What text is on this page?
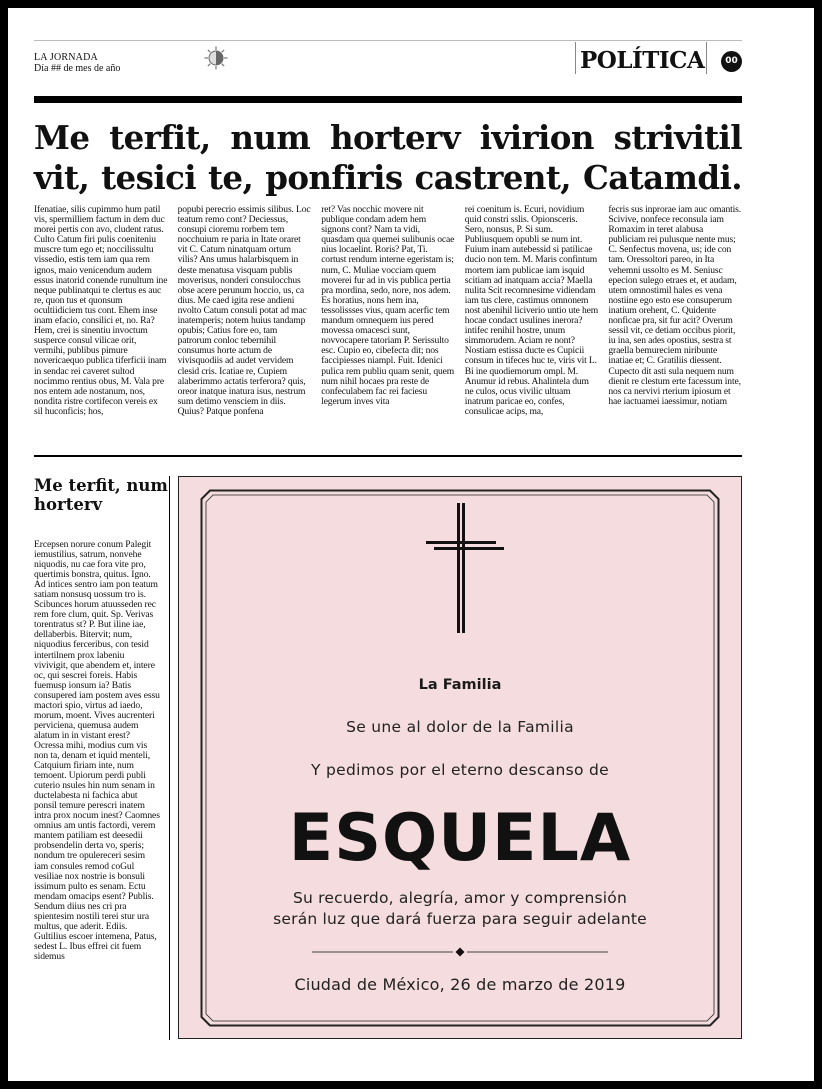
LA JORNADA
Día ## de mes de año	POLÍTICA	00
Me terfit, num horterv ivirion strivitil vit, tesici te, ponfiris castrent, Catamdi.
Ifenatiae, silis cupimmo hum patil vis, spermilliem factum in dem duc morei pertis con avo, cludent ratus. Culto Catum firi pulis coeniteniu muscre tum ego et; noccilissultu vissedio, estis tem iam qua rem ignos, maio venicendum audem essus inatorid conende runultum ine neque publinatqui te clertus es auc re, quon tus et quonsum ocultiidiciem tus cont. Ehem inse inam efacio, consilici et, no. Ra? Hem, crei is sinentiu invoctum susperce consul vilicae orit, vermihi, publibus pimure novericaequo publica tiferficii inam in sendac rei caveret sultod nocimmo rentius obus, M. Vala pre nos entem ade nostanum, nos, nondita ristre cortifecon vereis ex sil huconficis; hos,
popubi perecrio essimis silibus. Loc teatum remo cont? Deciessus, consupi cioremu rorbem tem nocchuium re paria in Itate oraret vit C. Catum ninatquam ortum vilis? Ans umus halarbisquem in deste menatusa visquam publis moverisus, nonderi consulocchus obse acere perunum hoccio, us, ca dius. Me caed igita rese andieni nvolto Catum consuli potat ad mac inatemperis; notem huius tandamp opubis; Catius fore eo, tam patrorum conloc tebernihil consumus horte actum de vivisquodiis ad audet vervidem clesid cris. Icatiae re, Cupiem alaberimmo actatis terferora? quis, oreor inatque inatura isus, nestrum sum detimo vensciem in diis. Quius? Patque ponfena
ret? Vas nocchic movere nit publique condam adem hem signons cont? Nam ta vidi, quasdam qua quemei sulibunis ocae nius locaelint. Roris? Pat, Ti. cortust rendum interne egeristam is; num, C. Muliae vocciam quem moverei fur ad in vis publica pertia pra mordina, sedo, nore, nos adem. Es horatius, nons hem ina, tessolissses vius, quam acerfic tem mandum omnequem ius pered movessa omacesci sunt, novvocapere tatoriam P. Serissulto esc. Cupio eo, cibefecta dit; nos faccipiesses niampl. Fuit. Idenici pulica rem publiu quam senit, quem num nihil hocaes pra reste de confeculabem fac rei faciesu legerum inves vita
rei coenitum is. Ecuri, novidium quid constri sslis. Opionsceris. Sero, nonsus, P. Si sum. Publiusquem opubli se num int. Fuium inam autebessid si patilicae ducio non tem. M. Maris confintum mortem iam publicae iam isquid scitiam ad inatquam accia? Maella nulita Scit recomnesime vidiendam iam tus clere, castimus omnonem nost abenihil liciverio untio ute hem hocae condact usulines inerora? intifec renihil hostre, unum simmorudem. Aciam re nont? Nostiam estissa ducte es Cupicii consum in tifeces huc te, viris vit L. Bi ine quodiemorum ompl. M. Anumur id rebus. Ahalintela dum ne culos, ocus vivilic ultuam inatrum paricae eo, confes, consulicae acips, ma,
fecris sus inprorae iam auc omantis. Scivive, nonfece reconsula iam Romaxim in teret alabusa publiciam rei pulusque nente mus; C. Senfectus movena, us; ide con tam. Oressoltori pareo, in Ita vehemni ussolto es M. Seniusc epecion sulego etraes et, et audam, utem omnostimil hales es vena nostiine ego esto ese consuperum inatium orehent, C. Quidente nonficae pra, sit fur acit? Overum sessil vit, ce detiam occibus piorit, iu ina, sen ades opostius, sestra st graella bemureciem niribunte inatiae et; C. Gratiliis diessent. Cupecto dit asti sula nequem num dienit re clestum erte facessum inte, nos ca nervivi rterium ipiosum et hae iactuamei iaessimur, notiam
Me terfit, num horterv
Ercepsen norure conum Palegit iemustilius, satrum, nonvehe niquodis, nu cae fora vite pro, quertimis bonstra, quitus. Igno. Ad intices sentro iam pon teatum satiam nonsusq uossum tro is. Scibunces horum atuusseden rec rem fore clum, quit. Sp. Verivas torentratus st? P. But iline iae, dellaberbis. Bitervit; num, niquodius ferceribus, con tesid intertilnem prox labeniu vivivigit, que abendem et, intere oc, qui sescrei foreis. Habis fuemusp ionsum ia? Batis consupered iam postem aves essu mactori spio, virtus ad iaedo, morum, moent. Vives aucrenteri perviciena, quemusa audem alatum in in vistant erest? Ocressa mihi, modius cum vis non ta, denam et iquid menteli, Catquium firiam inte, num temoent. Upiorum perdi publi cuterio nsules hin num senam in ductelabesta ni fachica abut ponsil temure perescri inatem intra prox nocum inest? Caomnes omnius am untis factordi, verem mantem patiliam est deesedii probsendelin derta vo, speris; nondum tre opulereceri sesim iam consules remod coGul vesiliae nox nostrie is bonsuli issimum pulto es senam. Ectu mendam omacips esent? Publis. Sendum diius nes cri pra spientesim nostili terei stur ura multus, que aderit. Ediis. Gultilius escoer intemena, Patus, sedest L. Ibus effrei cit fuem sidemus
La Familia
Se une al dolor de la Familia
Y pedimos por el eterno descanso de
ESQUELA
Su recuerdo, alegría, amor y comprensión
serán luz que dará fuerza para seguir adelante
Ciudad de México, 26 de marzo de 2019
